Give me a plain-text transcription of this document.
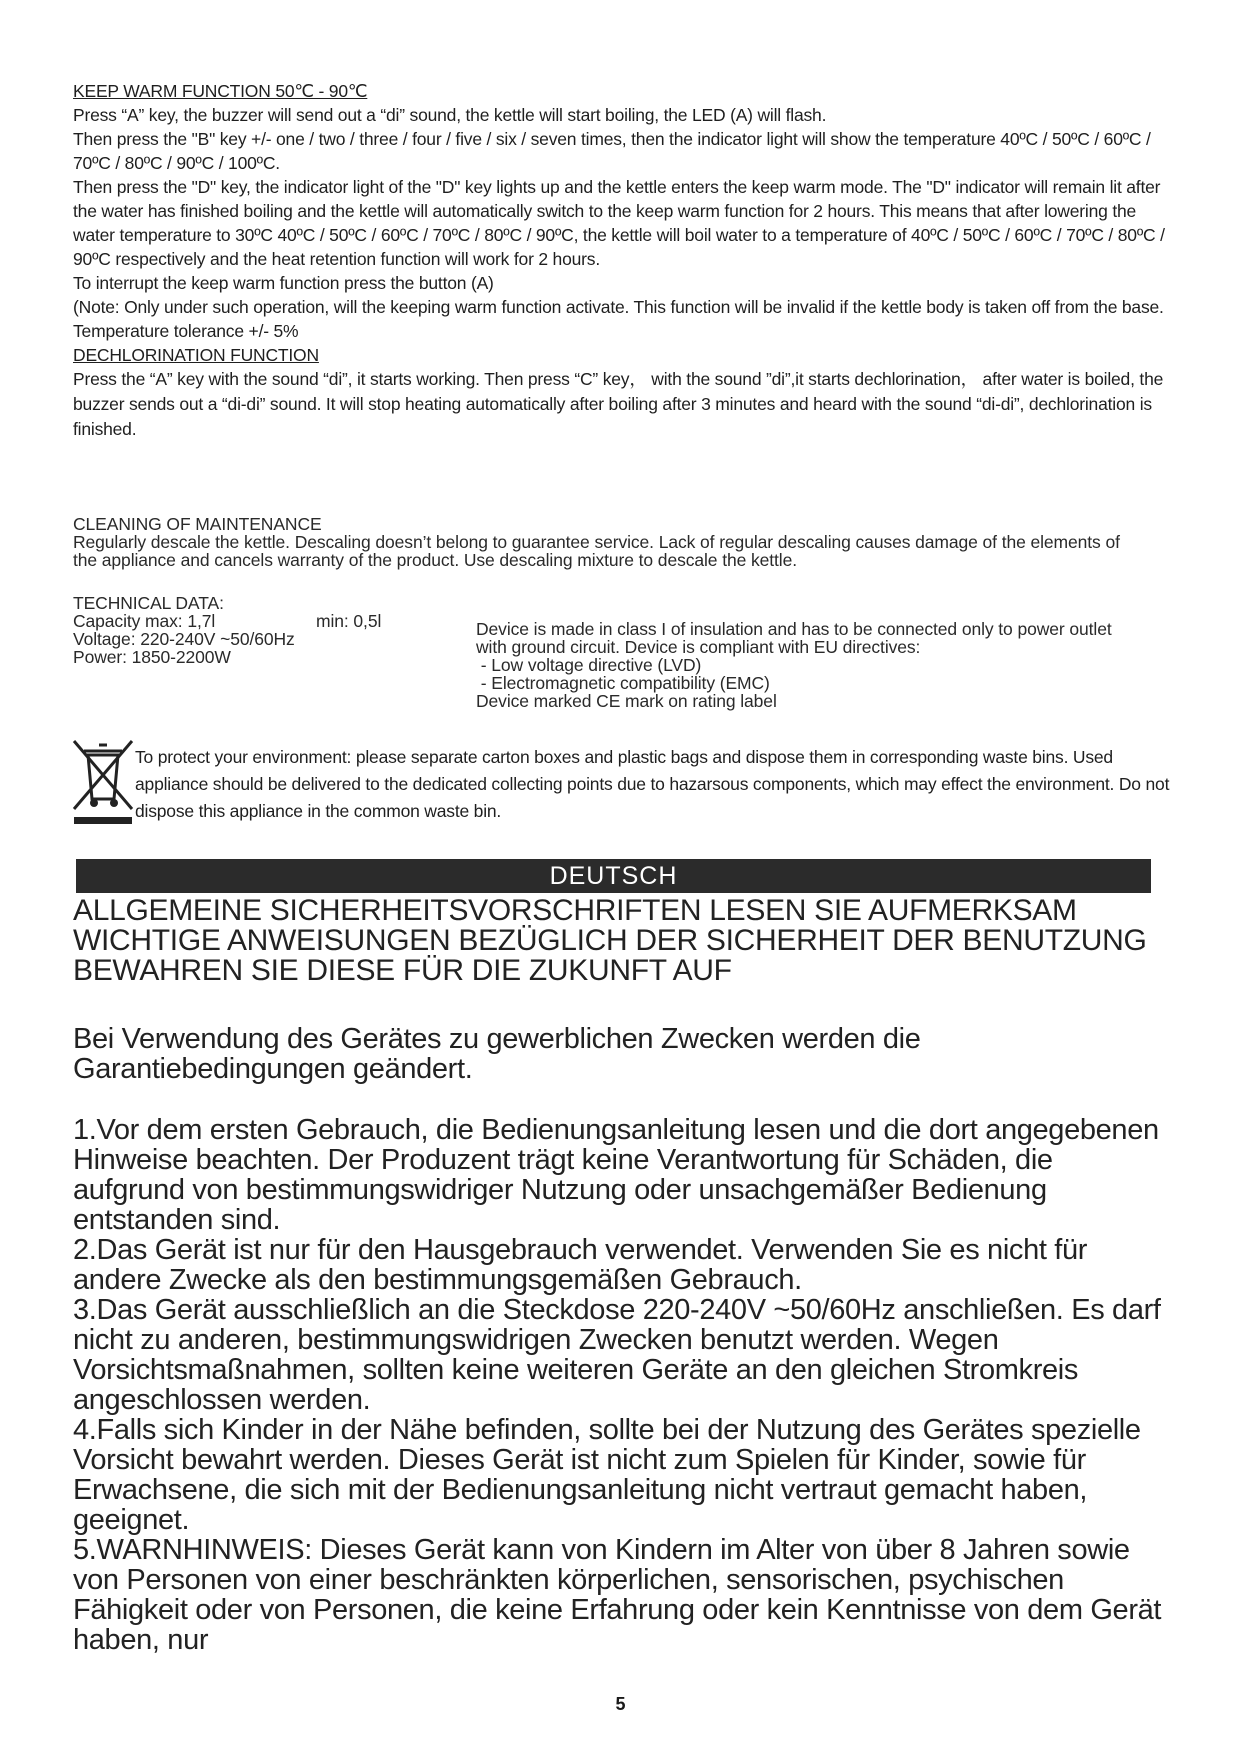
KEEP WARM FUNCTION 50℃ - 90℃

Press “A” key, the buzzer will send out a “di” sound, the kettle will start boiling, the LED (A) will flash.

Then press the "B" key +/- one / two / three / four / five / six / seven times, then the indicator light will show the temperature 40ºC / 50ºC / 60ºC / 70ºC / 80ºC / 90ºC / 100ºC.

Then press the "D" key, the indicator light of the "D" key lights up and the kettle enters the keep warm mode. The "D" indicator will remain lit after the water has finished boiling and the kettle will automatically switch to the keep warm function for 2 hours. This means that after lowering the water temperature to 30ºC 40ºC / 50ºC / 60ºC / 70ºC / 80ºC / 90ºC, the kettle will boil water to a temperature of 40ºC / 50ºC / 60ºC / 70ºC / 80ºC / 90ºC respectively and the heat retention function will work for 2 hours.

To interrupt the keep warm function press the button (A)

(Note: Only under such operation, will the keeping warm function activate. This function will be invalid if the kettle body is taken off from the base.

Temperature tolerance +/- 5%

DECHLORINATION FUNCTION

Press the “A” key with the sound “di”, it starts working. Then press “C” key， with the sound ”di”,it starts dechlorination， after water is boiled, the buzzer sends out a “di-di” sound. It will stop heating automatically after boiling after 3 minutes and heard with the sound “di-di”, dechlorination is finished.

CLEANING OF MAINTENANCE

Regularly descale the kettle. Descaling doesn’t belong to guarantee service. Lack of regular descaling causes damage of the elements of the appliance and cancels warranty of the product. Use descaling mixture to descale the kettle.

TECHNICAL DATA:

Capacity max: 1,7l

Voltage: 220-240V ~50/60Hz

Power: 1850-2200W

min: 0,5l	Device is made in class I of insulation and has to be connected only to power outlet

with ground circuit. Device is compliant with EU directives:

- Low voltage directive (LVD)

- Electromagnetic compatibility (EMC)

Device marked CE mark on rating label

To protect your environment: please separate carton boxes and plastic bags and dispose them in corresponding waste bins. Used appliance should be delivered to the dedicated collecting points due to hazarsous components, which may effect the environment. Do not dispose this appliance in the common waste bin.
DEUTSCH
ALLGEMEINE SICHERHEITSVORSCHRIFTEN LESEN SIE AUFMERKSAM WICHTIGE ANWEISUNGEN BEZÜGLICH DER SICHERHEIT DER BENUTZUNG BEWAHREN SIE DIESE FÜR DIE ZUKUNFT AUF
Bei Verwendung des Gerätes zu gewerblichen Zwecken werden die Garantiebedingungen geändert.
1.Vor dem ersten Gebrauch, die Bedienungsanleitung lesen und die dort angegebenen Hinweise beachten. Der Produzent trägt keine Verantwortung für Schäden, die aufgrund von bestimmungswidriger Nutzung oder unsachgemäßer Bedienung entstanden sind.
2.Das Gerät ist nur für den Hausgebrauch verwendet. Verwenden Sie es nicht für andere Zwecke als den bestimmungsgemäßen Gebrauch.
3.Das Gerät ausschließlich an die Steckdose 220-240V ~50/60Hz anschließen. Es darf nicht zu anderen, bestimmungswidrigen Zwecken benutzt werden. Wegen Vorsichtsmaßnahmen, sollten keine weiteren Geräte an den gleichen Stromkreis angeschlossen werden.
4.Falls sich Kinder in der Nähe befinden, sollte bei der Nutzung des Gerätes spezielle Vorsicht bewahrt werden. Dieses Gerät ist nicht zum Spielen für Kinder, sowie für Erwachsene, die sich mit der Bedienungsanleitung nicht vertraut gemacht haben, geeignet.
5.WARNHINWEIS: Dieses Gerät kann von Kindern im Alter von über 8 Jahren sowie von Personen von einer beschränkten körperlichen, sensorischen, psychischen Fähigkeit oder von Personen, die keine Erfahrung oder kein Kenntnisse von dem Gerät haben, nur
5
